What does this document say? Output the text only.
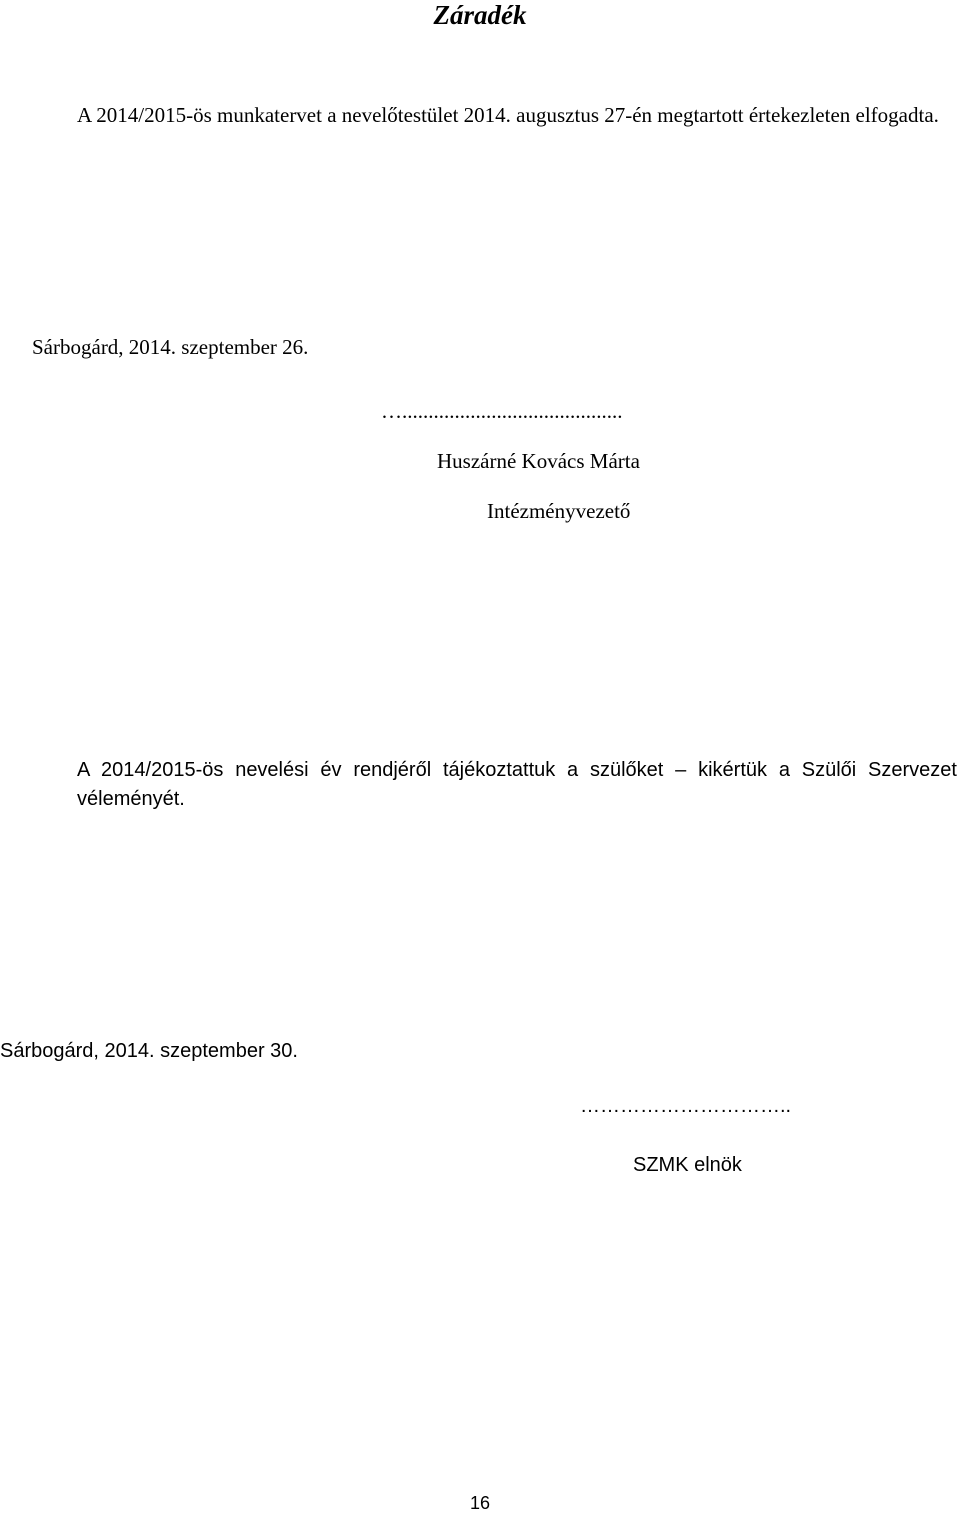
Záradék
A 2014/2015-ös munkatervet a nevelőtestület 2014. augusztus 27-én megtartott értekezleten elfogadta.
Sárbogárd, 2014. szeptember 26.
…..........................................
Huszárné Kovács Márta
Intézményvezető
A 2014/2015-ös nevelési év rendjéről tájékoztattuk a szülőket – kikértük a Szülői Szervezet véleményét.
Sárbogárd, 2014. szeptember 30.
…………………………..
SZMK elnök
16
